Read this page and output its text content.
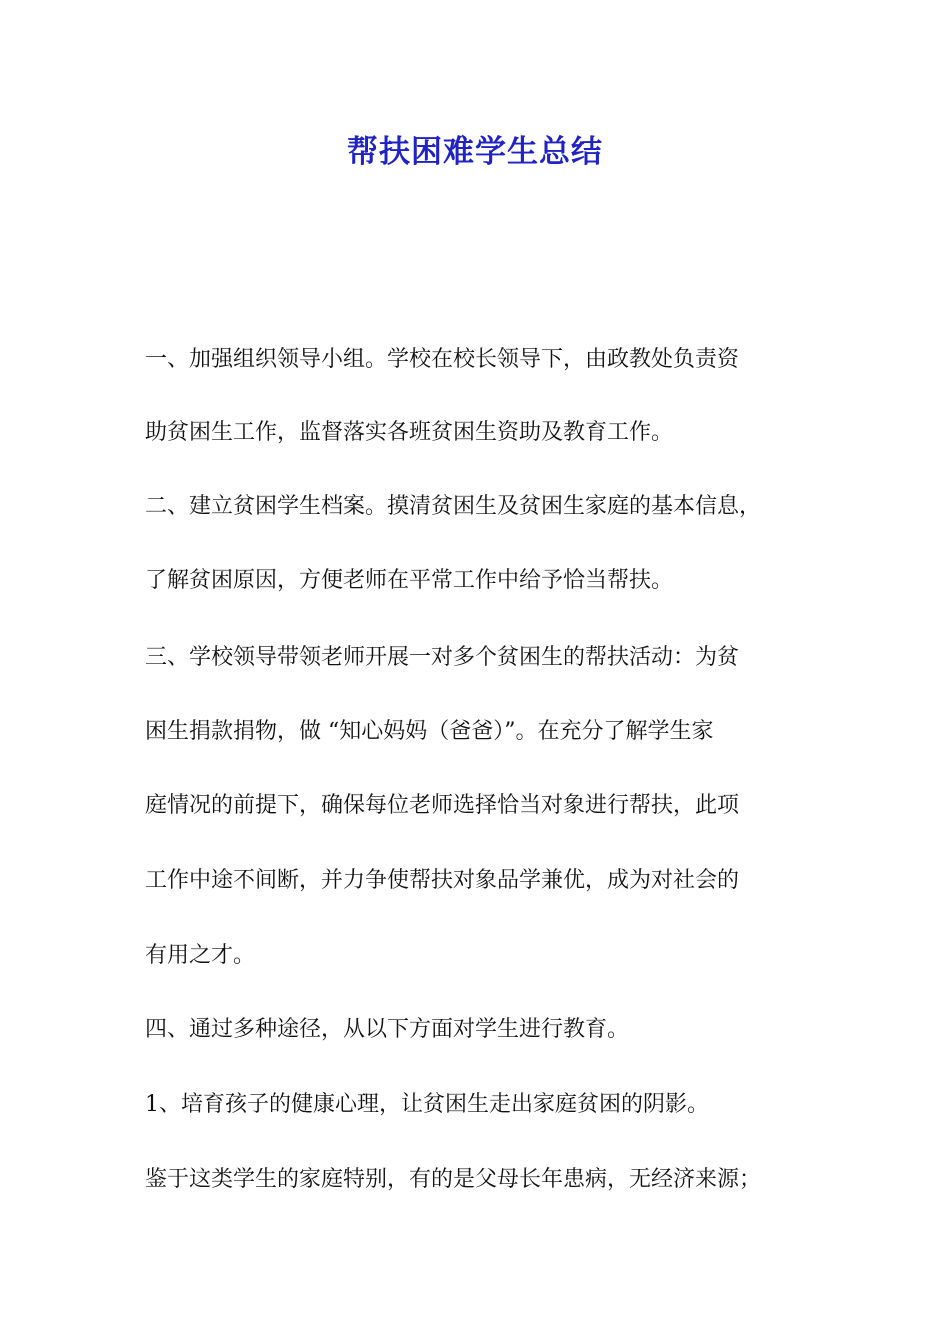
帮扶困难学生总结

一、加强组织领导小组。学校在校长领导下，由政教处负责资

助贫困生工作，监督落实各班贫困生资助及教育工作。

二、建立贫困学生档案。摸清贫困生及贫困生家庭的基本信息，

了解贫困原因，方便老师在平常工作中给予恰当帮扶。

三、学校领导带领老师开展一对多个贫困生的帮扶活动：为贫

困生捐款捐物，做 “知心妈妈（爸爸）”。在充分了解学生家

庭情况的前提下，确保每位老师选择恰当对象进行帮扶，此项

工作中途不间断，并力争使帮扶对象品学兼优，成为对社会的

有用之才。

四、通过多种途径，从以下方面对学生进行教育。

1、培育孩子的健康心理，让贫困生走出家庭贫困的阴影。

鉴于这类学生的家庭特别，有的是父母长年患病，无经济来源；
